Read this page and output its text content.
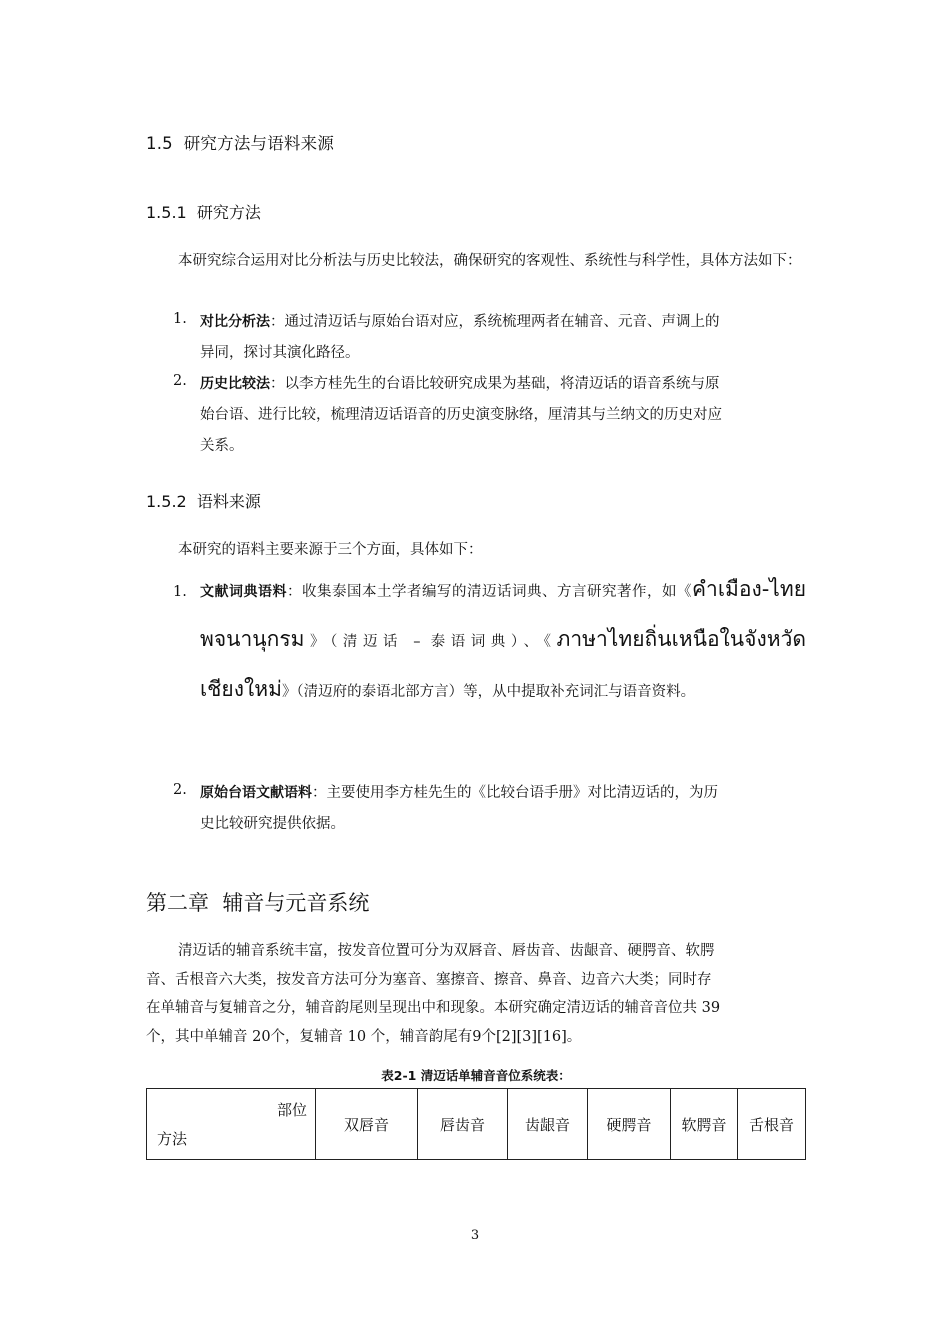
1.5 研究方法与语料来源
1.5.1 研究方法
本研究综合运用对比分析法与历史比较法，确保研究的客观性、系统性与科学性，具体方法如下：
1. 对比分析法：通过清迈话与原始台语对应，系统梳理两者在辅音、元音、声调上的
异同，探讨其演化路径。
2. 历史比较法：以李方桂先生的台语比较研究成果为基础，将清迈话的语音系统与原
始台语、进行比较，梳理清迈话语音的历史演变脉络，厘清其与兰纳文的历史对应
关系。
1.5.2 语料来源
本研究的语料主要来源于三个方面，具体如下：
1. 文献词典语料：收集泰国本土学者编写的清迈话词典、方言研究著作，如《คำเมือง-ไทยพจนานุกรม》（清迈话 – 泰语词典）、《ภาษาไทยถิ่นเหนือในจังหวัดเชียงใหม่》（清迈府的泰语北部方言）等，从中提取补充词汇与语音资料。
2. 原始台语文献语料：主要使用李方桂先生的《比较台语手册》对比清迈话的，为历
史比较研究提供依据。
第二章 辅音与元音系统
清迈话的辅音系统丰富，按发音位置可分为双唇音、唇齿音、齿龈音、硬腭音、软腭
音、舌根音六大类，按发音方法可分为塞音、塞擦音、擦音、鼻音、边音六大类；同时存
在单辅音与复辅音之分，辅音韵尾则呈现出中和现象。本研究确定清迈话的辅音音位共 39
个，其中单辅音 20个，复辅音 10 个，辅音韵尾有9个[2][3][16]。
表2-1 清迈话单辅音音位系统表：
部位
方法
	双唇音	唇齿音	齿龈音	硬腭音	软腭音	舌根音
3
